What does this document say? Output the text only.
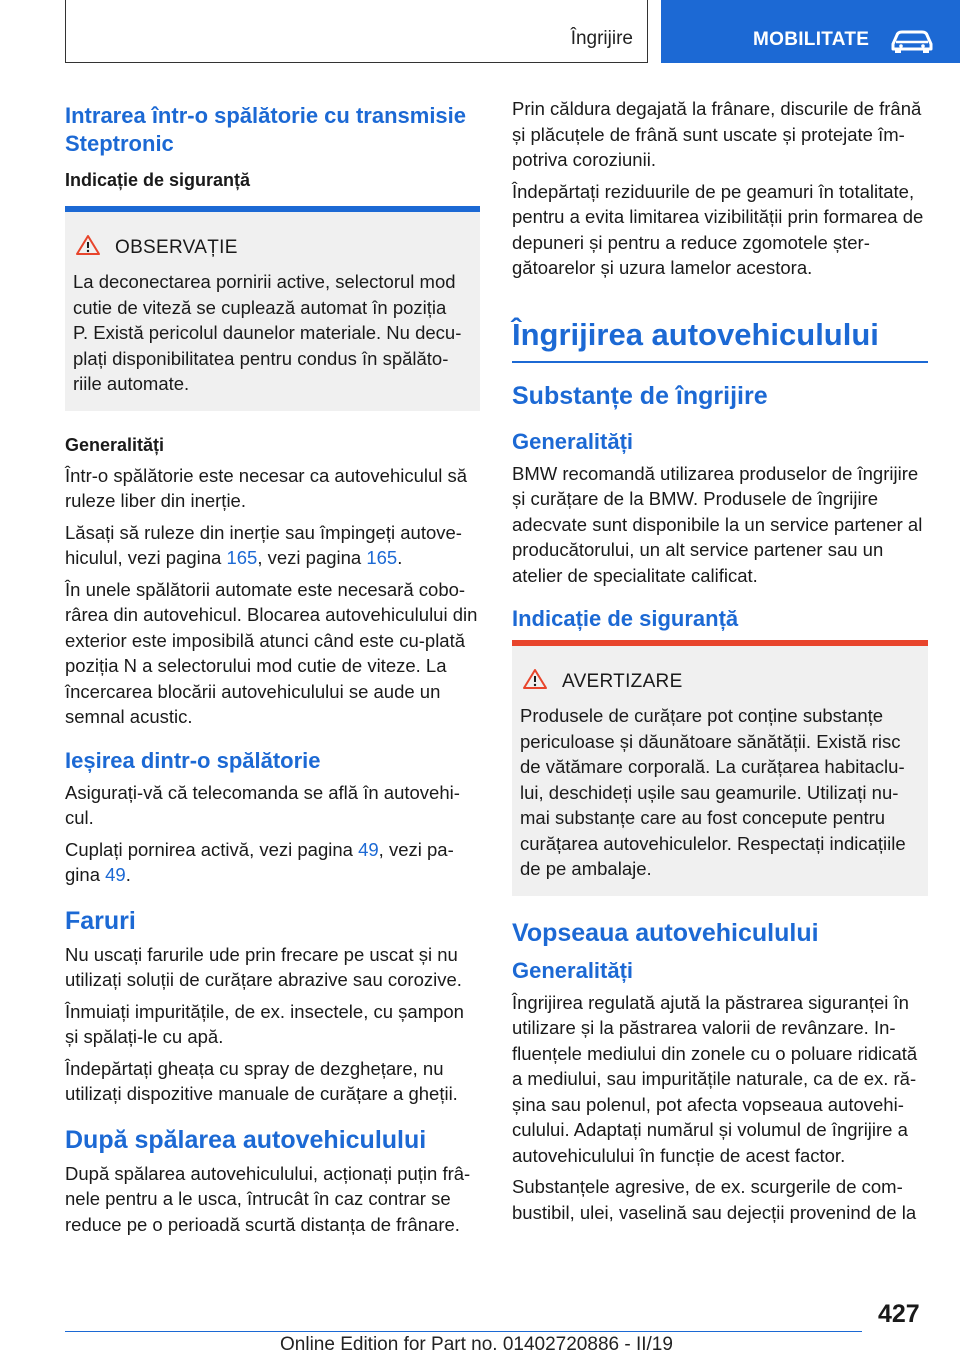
Îngrijire	MOBILITATE
Intrarea într-o spălătorie cu transmisie Steptronic
Indicație de siguranță
OBSERVAȚIE

La deconectarea pornirii active, selectorul mod cutie de viteză se cuplează automat în poziția P. Există pericolul daunelor materiale. Nu decu-plați disponibilitatea pentru condus în spălăto-riile automate.

Generalități

Într-o spălătorie este necesar ca autovehiculul să ruleze liber din inerție.

Lăsați să ruleze din inerție sau împingeți autove-hiculul, vezi pagina 165, vezi pagina 165.

În unele spălătorii automate este necesară cobo-rârea din autovehicul. Blocarea autovehiculului din exterior este imposibilă atunci când este cu-plată poziția N a selectorului mod cutie de viteze. La încercarea blocării autovehiculului se aude un semnal acustic.

Ieșirea dintr-o spălătorie

Asigurați-vă că telecomanda se află în autovehi-cul.

Cuplați pornirea activă, vezi pagina 49, vezi pa-gina 49.

Faruri

Nu uscați farurile ude prin frecare pe uscat și nu utilizați soluții de curățare abrazive sau corozive.

Înmuiați impuritățile, de ex. insectele, cu șampon și spălați-le cu apă.

Îndepărtați gheața cu spray de dezghețare, nu utilizați dispozitive manuale de curățare a gheții.

După spălarea autovehiculului

După spălarea autovehiculului, acționați puțin frâ-nele pentru a le usca, întrucât în caz contrar se reduce pe o perioadă scurtă distanța de frânare.

Prin căldura degajată la frânare, discurile de frână și plăcuțele de frână sunt uscate și protejate îm-potriva coroziunii.

Îndepărtați reziduurile de pe geamuri în totalitate, pentru a evita limitarea vizibilității prin formarea de depuneri și pentru a reduce zgomotele șter-gătoarelor și uzura lamelor acestora.

Îngrijirea autovehiculului
Substanțe de îngrijire
Generalități

BMW recomandă utilizarea produselor de îngrijire și curățare de la BMW. Produsele de îngrijire adecvate sunt disponibile la un service partener al producătorului, un alt service partener sau un atelier de specialitate calificat.

Indicație de siguranță
AVERTIZARE

Produsele de curățare pot conține substanțe periculoase și dăunătoare sănătății. Există risc de vătămare corporală. La curățarea habitaclu-lui, deschideți ușile sau geamurile. Utilizați nu-mai substanțe care au fost concepute pentru curățarea autovehiculelor. Respectați indicațiile de pe ambalaje.

Vopseaua autovehiculului
Generalități

Îngrijirea regulată ajută la păstrarea siguranței în utilizare și la păstrarea valorii de revânzare. In-fluențele mediului din zonele cu o poluare ridicată a mediului, sau impuritățile naturale, ca de ex. ră-șina sau polenul, pot afecta vopseaua autovehi-culului. Adaptați numărul și volumul de îngrijire a autovehiculului în funcție de acest factor.

Substanțele agresive, de ex. scurgerile de com-bustibil, ulei, vaselină sau dejecții provenind de la

427
Online Edition for Part no. 01402720886 - II/19
